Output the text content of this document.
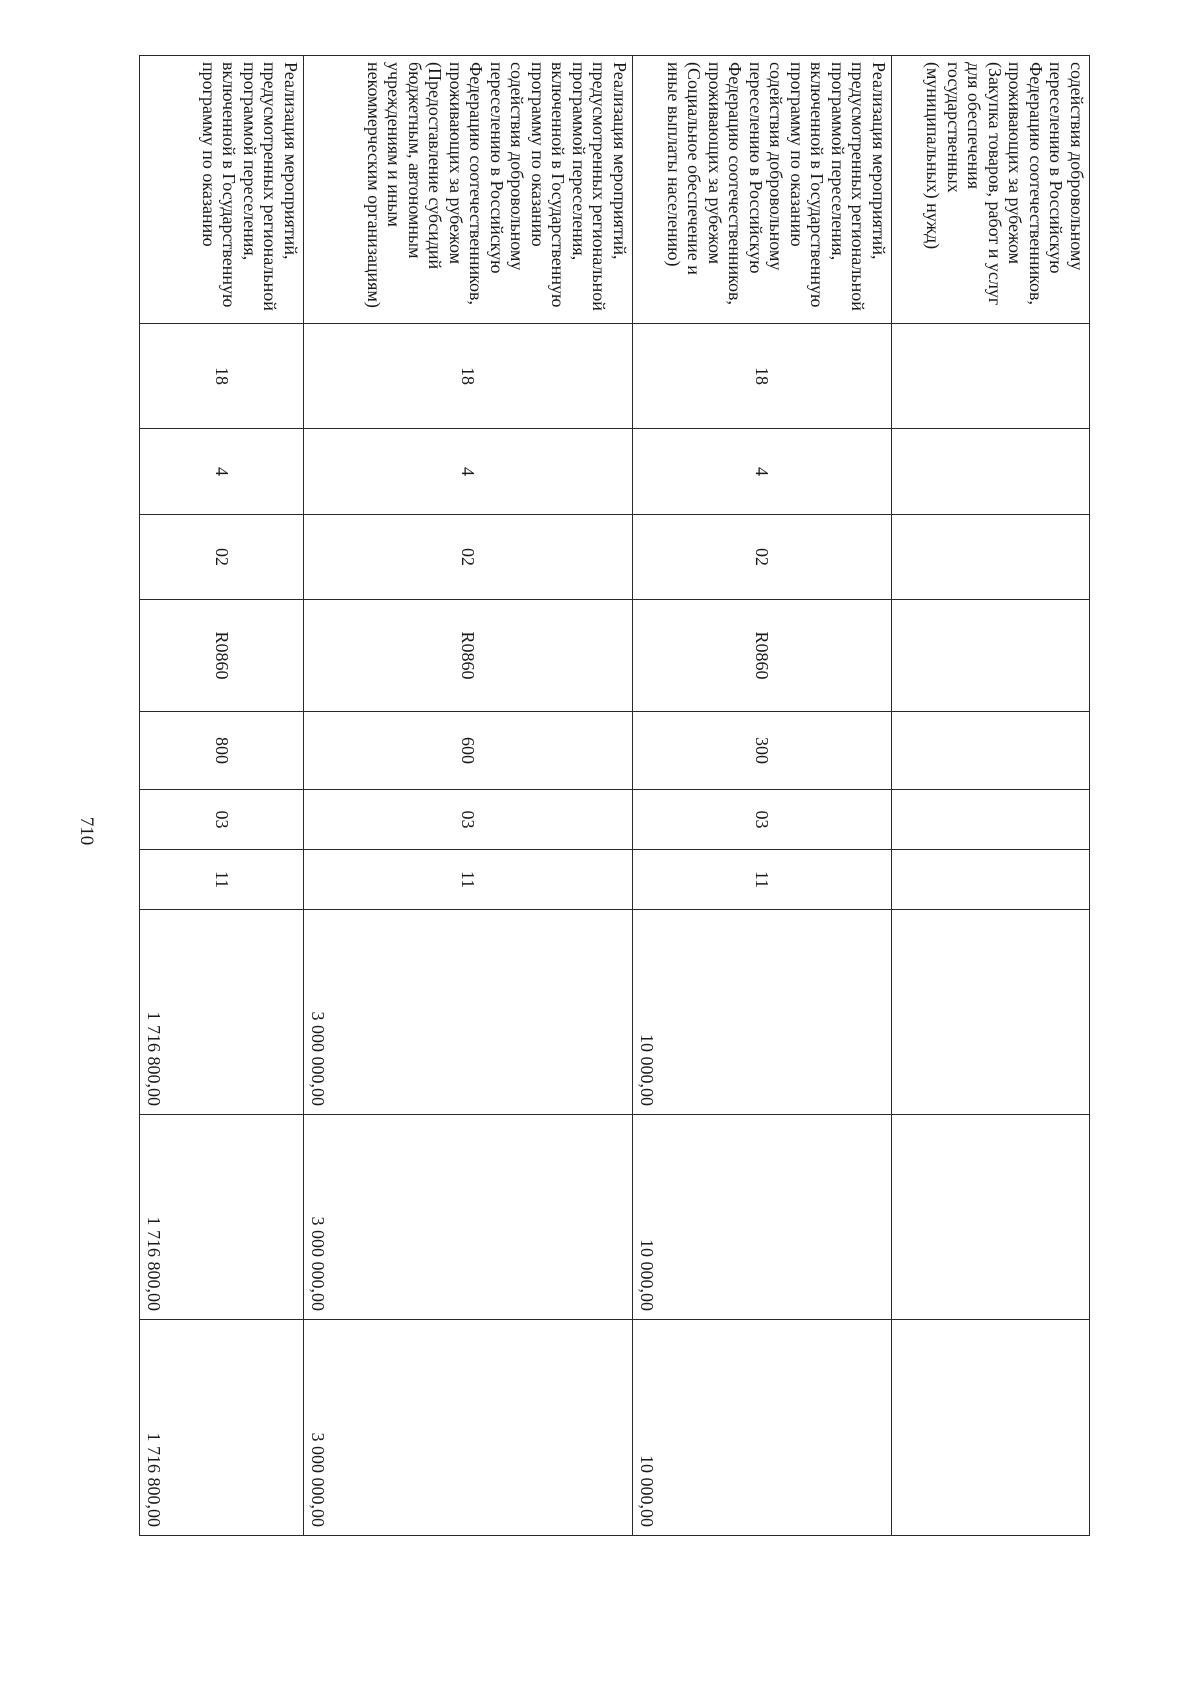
710
содействия добровольному переселению в Российскую Федерацию соотечественников, проживающих за рубежом (Закупка товаров, работ и услуг для обеспечения государственных (муниципальных) нужд)										
Реализация мероприятий, предусмотренных региональной программой переселения, включенной в Государственную программу по оказанию содействия добровольному переселению в Российскую Федерацию соотечественников, проживающих за рубежом (Социальное обеспечение и иные выплаты населению)	18	4	02	R0860	300	03	11	10 000,00	10 000,00	10 000,00
Реализация мероприятий, предусмотренных региональной программой переселения, включенной в Государственную программу по оказанию содействия добровольному переселению в Российскую Федерацию соотечественников, проживающих за рубежом (Предоставление субсидий бюджетным, автономным учреждениям и иным некоммерческим организациям)	18	4	02	R0860	600	03	11	3 000 000,00	3 000 000,00	3 000 000,00
Реализация мероприятий, предусмотренных региональной программой переселения, включенной в Государственную программу по оказанию	18	4	02	R0860	800	03	11	1 716 800,00	1 716 800,00	1 716 800,00
